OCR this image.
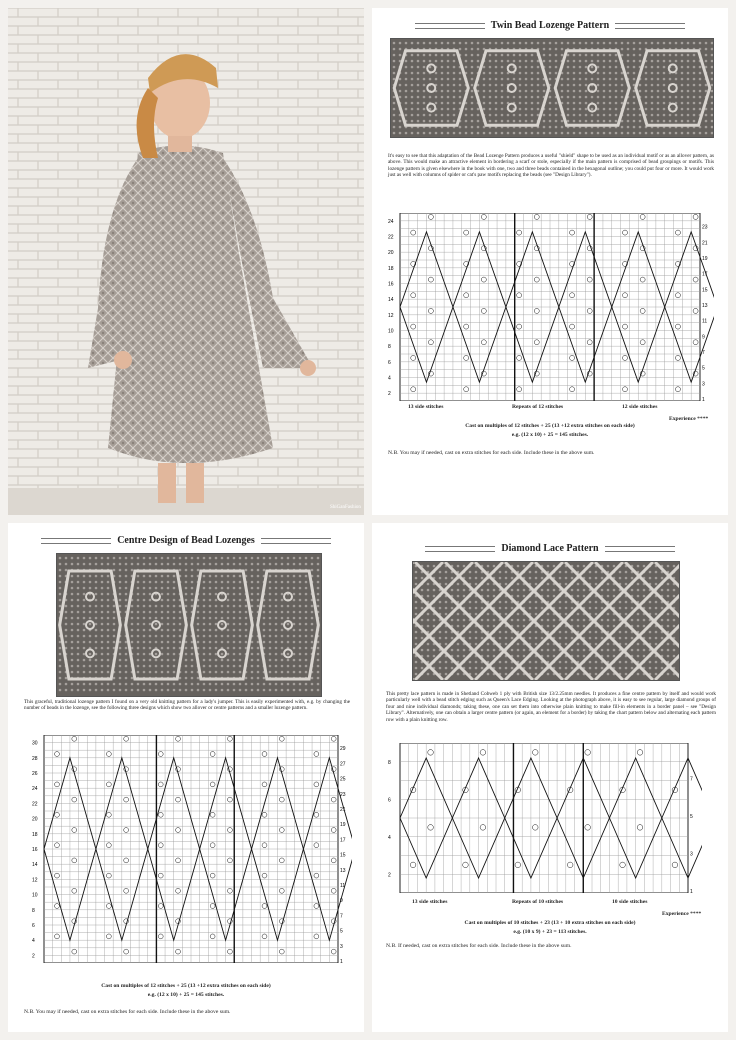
ShiGanFashion
Twin Bead Lozenge Pattern
It's easy to see that this adaptation of the Bead Lozenge Pattern produces a useful "shield" shape to be used as an individual motif or as an allover pattern, as above. This would make an attractive element in bordering a scarf or stole, especially if the main pattern is comprised of bead groupings or motifs. This lozenge pattern is given elsewhere in the book with one, two and three beads contained in the hexagonal outline; you could put four or more. It would work just as well with columns of spider or cat's paw motifs replacing the beads (see "Design Library").
24
22
20
18
16
14
12
10
8
6
4
2
23
21
19
17
15
13
11
9
7
5
3
1
13 side stitches	Repeats of 12 stitches	12 side stitches
Experience ****
Cast on multiples of 12 stitches + 25 (13 +12 extra stitches on each side)
e.g. (12 x 10) + 25 = 145 stitches.
N.B. You may if needed, cast on extra stitches for each side. Include these in the above sum.
Centre Design of Bead Lozenges
This graceful, traditional lozenge pattern I found on a very old knitting pattern for a lady's jumper. This is easily experimented with, e.g. by changing the number of beads in the lozenge, see the following three designs which show two allover or centre patterns and a smaller lozenge pattern.
30
28
26
24
22
20
18
16
14
12
10
8
6
4
2
29
27
25
23
21
19
17
15
13
11
9
7
5
3
1
Cast on multiples of 12 stitches + 25 (13 +12 extra stitches on each side)
e.g. (12 x 10) + 25 = 145 stitches.
N.B. You may if needed, cast on extra stitches for each side. Include these in the above sum.
Diamond Lace Pattern
This pretty lace pattern is made in Shetland Cobweb 1 ply with British size 13/2.25mm needles. It produces a fine centre pattern by itself and would work particularly well with a bead stitch edging such as Queen's Lace Edging. Looking at the photograph above, it is easy to see regular, large diamond groups of four and nine individual diamonds; taking these, one can set them into otherwise plain knitting to make fill-in elements in a border panel – see "Design Library". Alternatively, one can obtain a larger centre pattern (or again, an element for a border) by taking the chart pattern below and alternating each pattern row with a plain knitting row.
8
6
4
2
7
5
3
1
13 side stitches	Repeats of 10 stitches	10 side stitches
Experience ****
Cast on multiples of 10 stitches + 23 (13 + 10 extra stitches on each side)
e.g. (10 x 9) + 23 = 113 stitches.
N.B. If needed, cast on extra stitches for each side. Include these in the above sum.
